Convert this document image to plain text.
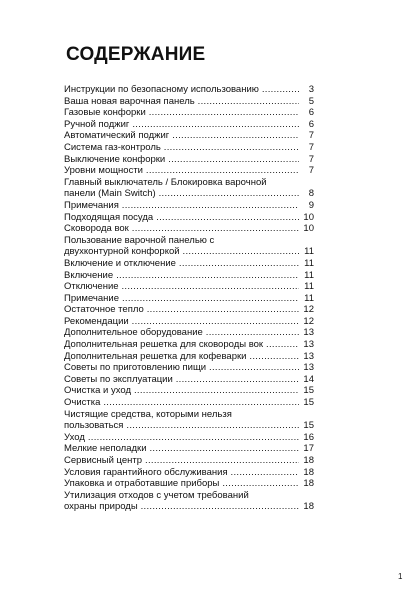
СОДЕРЖАНИЕ
Инструкции по безопасному использованию .....	3
Ваша новая варочная панель .....	5
Газовые конфорки .....	6
Ручной поджиг .....	6
Автоматический поджиг .....	7
Система газ-контроль .....	7
Выключение конфорки .....	7
Уровни мощности .....	7
Главный выключатель / Блокировка варочной
панели (Main Switch) .....	8
Примечания .....	9
Подходящая посуда .....	10
Сковорода вок .....	10
Пользование варочной панелью с
двухконтурной конфоркой .....	11
Включение и отключение .....	11
Включение .....	11
Отключение .....	11
Примечание .....	11
Остаточное тепло .....	12
Рекомендации .....	12
Дополнительное оборудование .....	13
Дополнительная решетка для сковороды вок .....	13
Дополнительная решетка для кофеварки .....	13
Советы по приготовлению пищи .....	13
Советы по эксплуатации .....	14
Очистка и уход .....	15
Очистка .....	15
Чистящие средства, которыми нельзя
пользоваться .....	15
Уход .....	16
Мелкие неполадки .....	17
Сервисный центр .....	18
Условия гарантийного обслуживания .....	18
Упаковка и отработавшие приборы .....	18
Утилизация отходов с учетом требований
охраны природы .....	18
1
